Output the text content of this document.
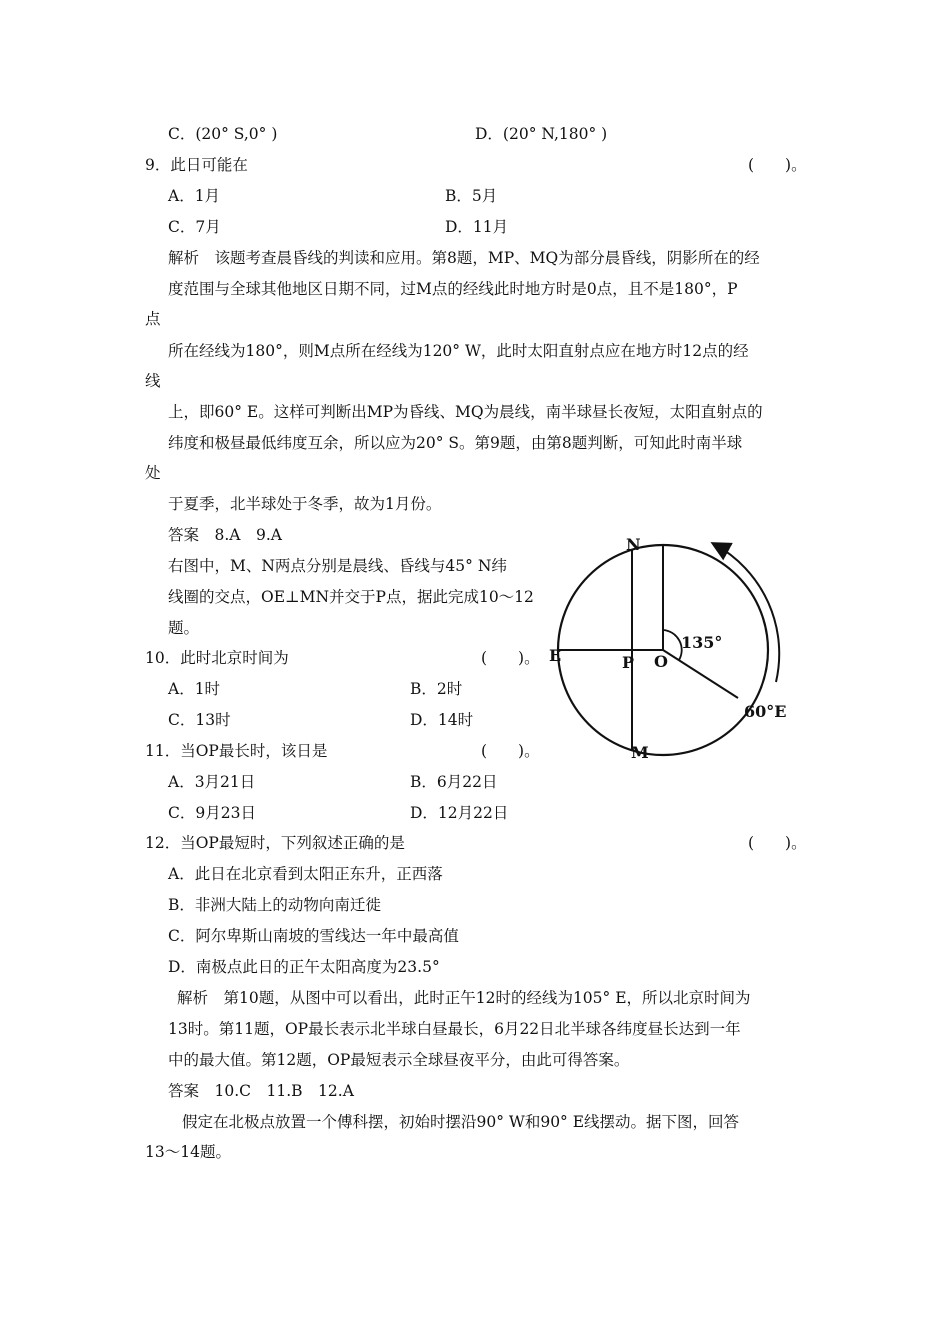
C．(20° S,0° )	D．(20° N,180° )
9．此日可能在	(　　)。
A．1月	B．5月
C．7月	D．11月
解析　该题考查晨昏线的判读和应用。第8题，MP、MQ为部分晨昏线，阴影所在的经
度范围与全球其他地区日期不同，过M点的经线此时地方时是0点，且不是180°，P
点
所在经线为180°，则M点所在经线为120° W，此时太阳直射点应在地方时12点的经
线
上，即60° E。这样可判断出MP为昏线、MQ为晨线，南半球昼长夜短，太阳直射点的
纬度和极昼最低纬度互余，所以应为20° S。第9题，由第8题判断，可知此时南半球
处
于夏季，北半球处于冬季，故为1月份。
答案　8.A　9.A
右图中，M、N两点分别是晨线、昏线与45° N纬
线圈的交点，OE⊥MN并交于P点，据此完成10～12
题。
10．此时北京时间为	(　　)。
A．1时	B．2时
C．13时	D．14时
11．当OP最长时，该日是	(　　)。
A．3月21日	B．6月22日
C．9月23日	D．12月22日
12．当OP最短时，下列叙述正确的是	(　　)。
A．此日在北京看到太阳正东升，正西落
B．非洲大陆上的动物向南迁徙
C．阿尔卑斯山南坡的雪线达一年中最高值
D．南极点此日的正午太阳高度为23.5°
解析　第10题，从图中可以看出，此时正午12时的经线为105° E，所以北京时间为
13时。第11题，OP最长表示北半球白昼最长，6月22日北半球各纬度昼长达到一年
中的最大值。第12题，OP最短表示全球昼夜平分，由此可得答案。
答案　10.C　11.B　12.A
假定在北极点放置一个傅科摆，初始时摆沿90° W和90° E线摆动。据下图，回答
13～14题。
N
M
E	P O
135°
60°E
